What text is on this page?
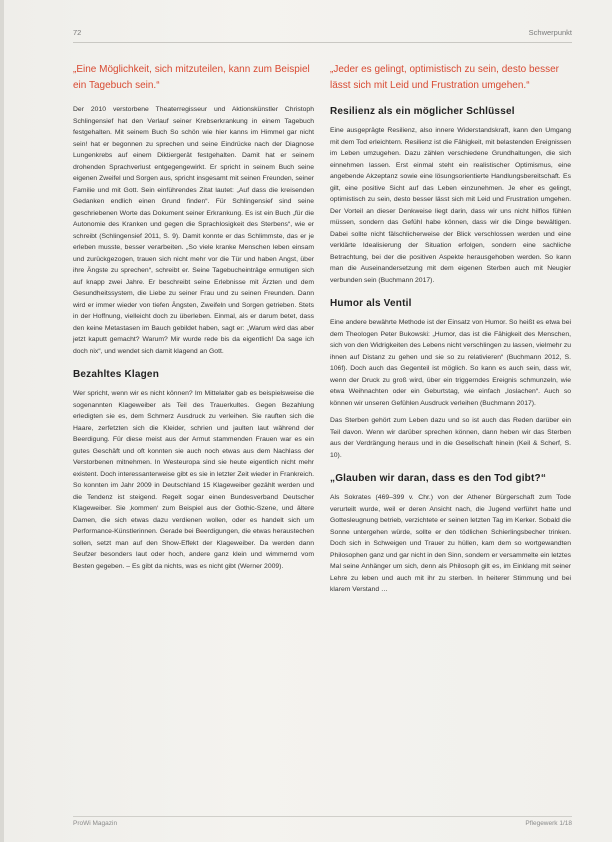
72	Schwerpunkt
„Eine Möglichkeit, sich mitzuteilen, kann zum Beispiel ein Tagebuch sein.“
Der 2010 verstorbene Theaterregisseur und Aktionskünstler Christoph Schlingensief hat den Verlauf seiner Krebserkrankung in einem Tagebuch festgehalten. Mit seinem Buch So schön wie hier kanns im Himmel gar nicht sein! hat er begonnen zu sprechen und seine Eindrücke nach der Diagnose Lungenkrebs auf einem Diktiergerät festgehalten. Damit hat er seinem drohenden Sprachverlust entgegengewirkt. Er spricht in seinem Buch seine eigenen Zweifel und Sorgen aus, spricht insgesamt mit seinen Freunden, seiner Familie und mit Gott. Sein einführendes Zitat lautet: „Auf dass die kreisenden Gedanken endlich einen Grund finden“. Für Schlingensief sind seine geschriebenen Worte das Dokument seiner Erkrankung. Es ist ein Buch „für die Autonomie des Kranken und gegen die Sprachlosigkeit des Sterbens“, wie er schreibt (Schlingensief 2011, S. 9). Damit konnte er das Schlimmste, das er je erleben musste, besser verarbeiten. „So viele kranke Menschen leben einsam und zurückgezogen, trauen sich nicht mehr vor die Tür und haben Angst, über ihre Ängste zu sprechen“, schreibt er. Seine Tagebucheinträge ermutigen sich auf knapp zwei Jahre. Er beschreibt seine Erlebnisse mit Ärzten und dem Gesundheitssystem, die Liebe zu seiner Frau und zu seinen Freunden. Dann wird er immer wieder von tiefen Ängsten, Zweifeln und Sorgen getrieben. Stets in der Hoffnung, vielleicht doch zu überleben. Einmal, als er darum betet, dass den keine Metastasen im Bauch gebildet haben, sagt er: „Warum wird das aber jetzt kaputt gemacht? Warum? Mir wurde rede bis da eigentlich! Da sage ich doch nix“, und wendet sich damit klagend an Gott.
Bezahltes Klagen
Wer spricht, wenn wir es nicht können? Im Mittelalter gab es beispielsweise die sogenannten Klageweiber als Teil des Trauerkultes. Gegen Bezahlung erledigten sie es, dem Schmerz Ausdruck zu verleihen. Sie rauften sich die Haare, zerfetzten sich die Kleider, schrien und jaulten laut während der Beerdigung. Für diese meist aus der Armut stammenden Frauen war es ein gutes Geschäft und oft konnten sie auch noch etwas aus dem Nachlass der Verstorbenen mitnehmen. In Westeuropa sind sie heute eigentlich nicht mehr existent. Doch interessanterweise gibt es sie in letzter Zeit wieder in Frankreich. So konnten im Jahr 2009 in Deutschland 15 Klageweiber gezählt werden und die Tendenz ist steigend. Regelt sogar einen Bundesverband Deutscher Klageweiber. Sie ‚kommen‘ zum Beispiel aus der Gothic-Szene, und ältere Damen, die sich etwas dazu verdienen wollen, oder es handelt sich um Performance-Künstlerinnen. Gerade bei Beerdigungen, die etwas heraustechen sollen, setzt man auf den Show-Effekt der Klageweiber. Da werden dann Seufzer besonders laut oder hoch, andere ganz klein und wimmernd vom Besten gegeben. – Es gibt da nichts, was es nicht gibt (Werner 2009).
„Jeder es gelingt, optimistisch zu sein, desto besser lässt sich mit Leid und Frustration umgehen.“
Resilienz als ein möglicher Schlüssel
Eine ausgeprägte Resilienz, also innere Widerstandskraft, kann den Umgang mit dem Tod erleichtern. Resilienz ist die Fähigkeit, mit belastenden Ereignissen im Leben umzugehen. Dazu zählen verschiedene Grundhaltungen, die sich einnehmen lassen. Erst einmal steht ein realistischer Optimismus, eine angebende Akzeptanz sowie eine lösungsorientierte Handlungsbereitschaft. Es gilt, eine positive Sicht auf das Leben einzunehmen. Je eher es gelingt, optimistisch zu sein, desto besser lässt sich mit Leid und Frustration umgehen. Der Vorteil an dieser Denkweise liegt darin, dass wir uns nicht hilflos fühlen müssen, sondern das Gefühl habe können, dass wir die Dinge bewältigen. Dabei sollte nicht fälschlicherweise der Blick verschlossen werden und eine verklärte Idealisierung der Situation erfolgen, sondern eine sachliche Betrachtung, bei der die positiven Aspekte herausgehoben werden. So kann man die Auseinandersetzung mit dem eigenen Sterben auch mit Neugier verbunden sein (Buchmann 2017).
Humor als Ventil
Eine andere bewährte Methode ist der Einsatz von Humor. So heißt es etwa bei dem Theologen Peter Bukowski: „Humor, das ist die Fähigkeit des Menschen, sich von den Widrigkeiten des Lebens nicht verschlingen zu lassen, vielmehr zu ihnen auf Distanz zu gehen und sie so zu relativieren“ (Buchmann 2012, S. 106f). Doch auch das Gegenteil ist möglich. So kann es auch sein, dass wir, wenn der Druck zu groß wird, über ein triggerndes Ereignis schmunzeln, wie etwa Weihnachten oder ein Geburtstag, wie einfach „loslachen“. Auch so können wir unseren Gefühlen Ausdruck verleihen (Buchmann 2017).
Das Sterben gehört zum Leben dazu und so ist auch das Reden darüber ein Teil davon. Wenn wir darüber sprechen können, dann heben wir das Sterben aus der Verdrängung heraus und in die Gesellschaft hinein (Keil & Scherf, S. 10).
„Glauben wir daran, dass es den Tod gibt?“
Als Sokrates (469–399 v. Chr.) von der Athener Bürgerschaft zum Tode verurteilt wurde, weil er deren Ansicht nach, die Jugend verführt hatte und Gottesleugnung betrieb, verzichtete er seinen letzten Tag im Kerker. Sobald die Sonne untergehen würde, sollte er den tödlichen Schierlingsbecher trinken. Doch sich in Schweigen und Trauer zu hüllen, kam dem so wortgewandten Philosophen ganz und gar nicht in den Sinn, sondern er versammelte ein letztes Mal seine Anhänger um sich, denn als Philosoph gilt es, im Einklang mit seiner Lehre zu leben und auch mit ihr zu sterben. In heiterer Stimmung und bei klarem Verstand …
ProWi Magazin	Pflegewerk 1/18
